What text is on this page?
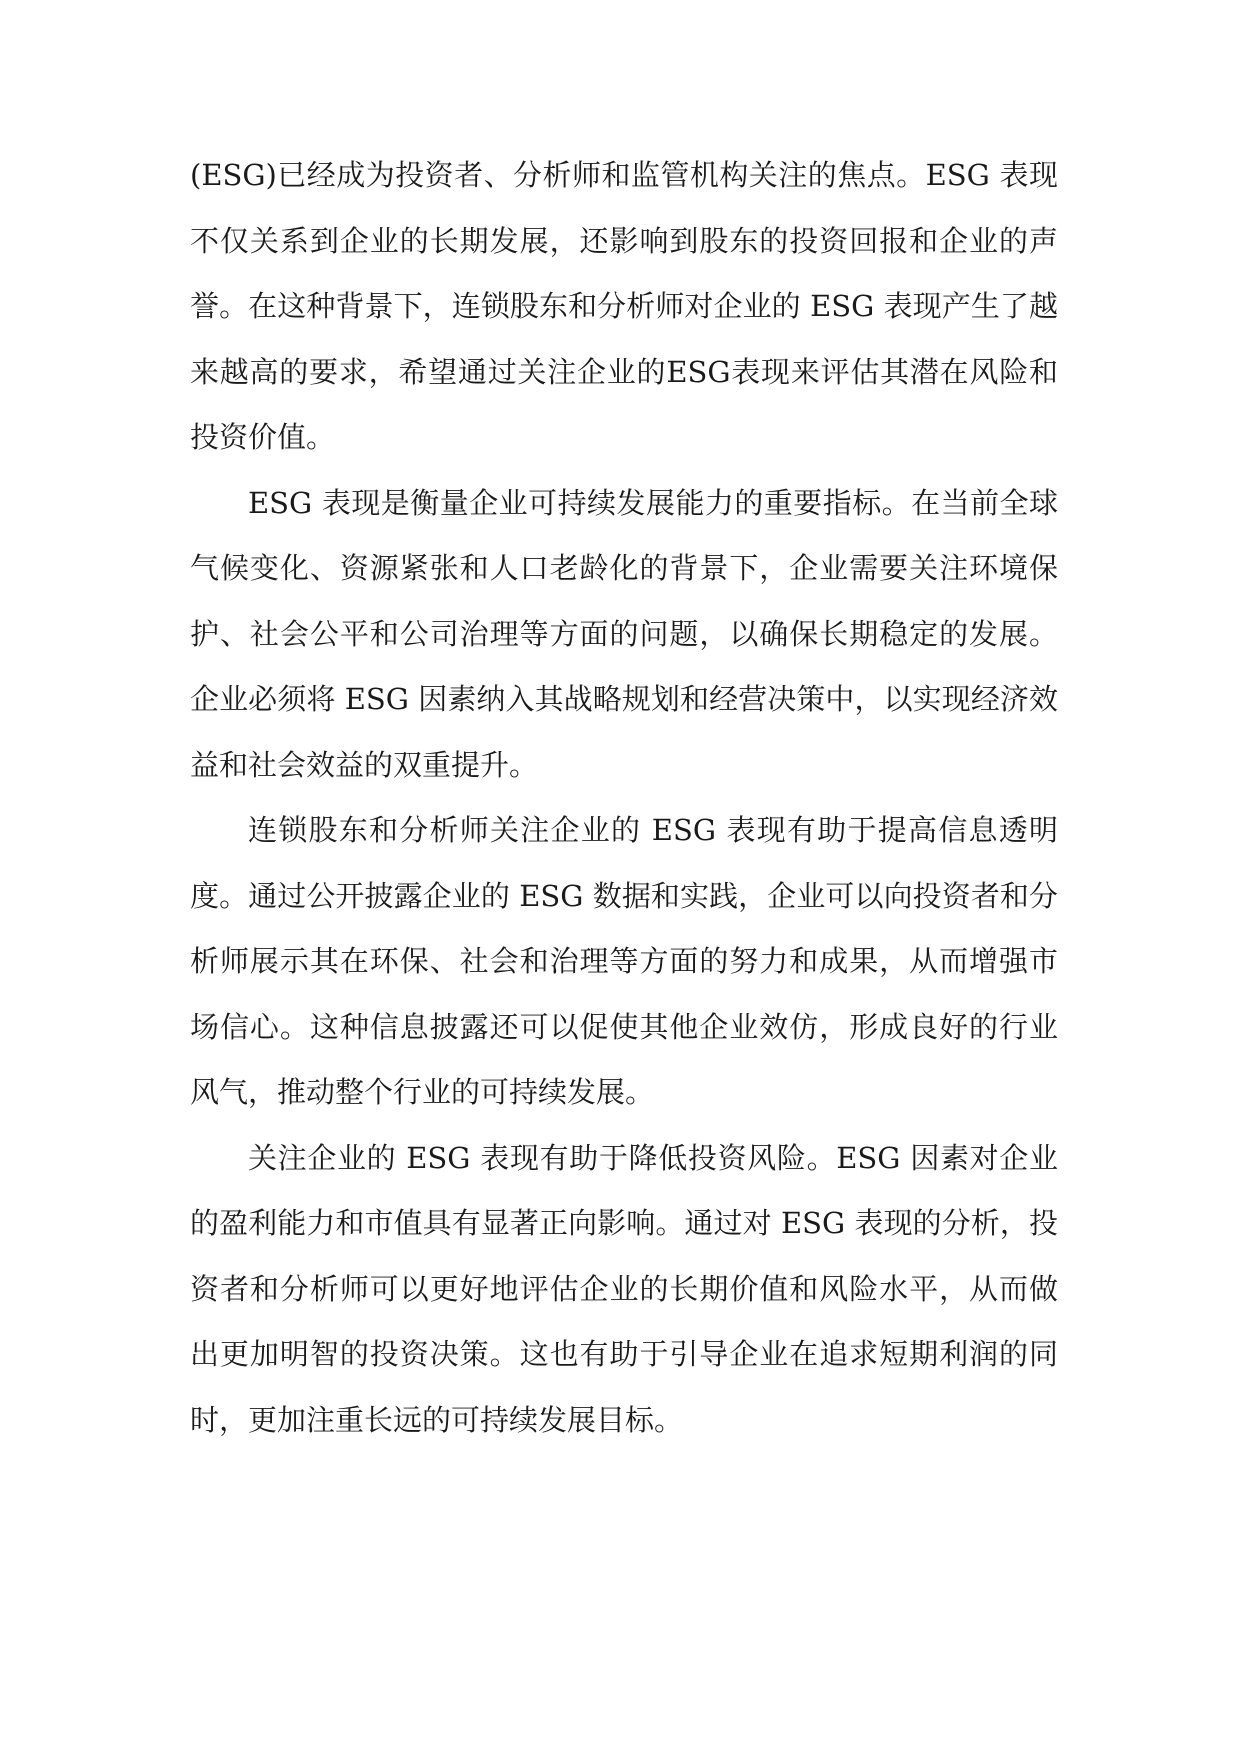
(ESG)已经成为投资者、分析师和监管机构关注的焦点。ESG 表现不仅关系到企业的长期发展，还影响到股东的投资回报和企业的声誉。在这种背景下，连锁股东和分析师对企业的 ESG 表现产生了越来越高的要求，希望通过关注企业的ESG表现来评估其潜在风险和投资价值。

ESG 表现是衡量企业可持续发展能力的重要指标。在当前全球气候变化、资源紧张和人口老龄化的背景下，企业需要关注环境保护、社会公平和公司治理等方面的问题，以确保长期稳定的发展。企业必须将 ESG 因素纳入其战略规划和经营决策中，以实现经济效益和社会效益的双重提升。

连锁股东和分析师关注企业的 ESG 表现有助于提高信息透明度。通过公开披露企业的 ESG 数据和实践，企业可以向投资者和分析师展示其在环保、社会和治理等方面的努力和成果，从而增强市场信心。这种信息披露还可以促使其他企业效仿，形成良好的行业风气，推动整个行业的可持续发展。

关注企业的 ESG 表现有助于降低投资风险。ESG 因素对企业的盈利能力和市值具有显著正向影响。通过对 ESG 表现的分析，投资者和分析师可以更好地评估企业的长期价值和风险水平，从而做出更加明智的投资决策。这也有助于引导企业在追求短期利润的同时，更加注重长远的可持续发展目标。
